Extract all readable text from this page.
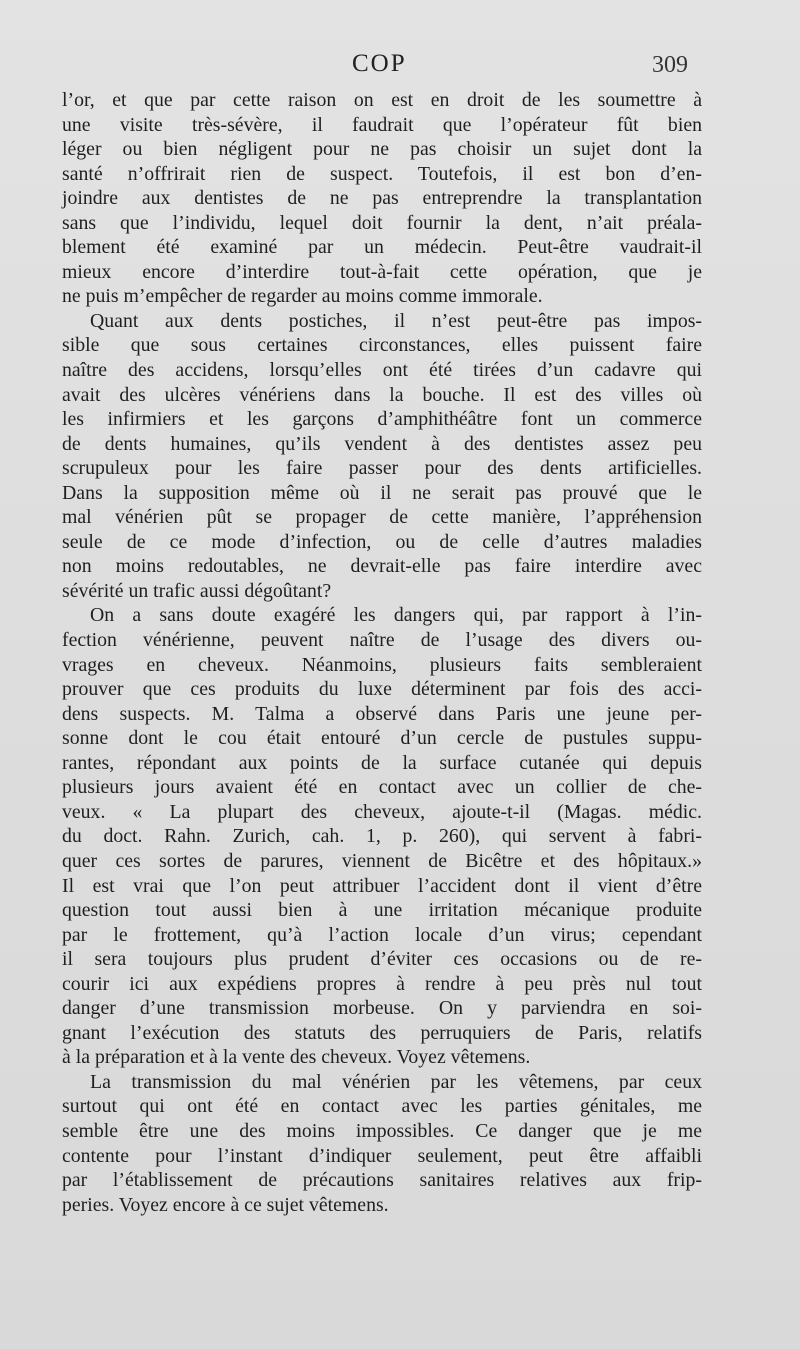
COP	309

l’or, et que par cette raison on est en droit de les soumettre à
une visite très-sévère, il faudrait que l’opérateur fût bien
léger ou bien négligent pour ne pas choisir un sujet dont la
santé n’offrirait rien de suspect. Toutefois, il est bon d’en-
joindre aux dentistes de ne pas entreprendre la transplantation
sans que l’individu, lequel doit fournir la dent, n’ait préala-
blement été examiné par un médecin. Peut-être vaudrait-il
mieux encore d’interdire tout-à-fait cette opération, que je
ne puis m’empêcher de regarder au moins comme immorale.

Quant aux dents postiches, il n’est peut-être pas impos-
sible que sous certaines circonstances, elles puissent faire
naître des accidens, lorsqu’elles ont été tirées d’un cadavre qui
avait des ulcères vénériens dans la bouche. Il est des villes où
les infirmiers et les garçons d’amphithéâtre font un commerce
de dents humaines, qu’ils vendent à des dentistes assez peu
scrupuleux pour les faire passer pour des dents artificielles.
Dans la supposition même où il ne serait pas prouvé que le
mal vénérien pût se propager de cette manière, l’appréhension
seule de ce mode d’infection, ou de celle d’autres maladies
non moins redoutables, ne devrait-elle pas faire interdire avec
sévérité un trafic aussi dégoûtant?

On a sans doute exagéré les dangers qui, par rapport à l’in-
fection vénérienne, peuvent naître de l’usage des divers ou-
vrages en cheveux. Néanmoins, plusieurs faits sembleraient
prouver que ces produits du luxe déterminent par fois des acci-
dens suspects. M. Talma a observé dans Paris une jeune per-
sonne dont le cou était entouré d’un cercle de pustules suppu-
rantes, répondant aux points de la surface cutanée qui depuis
plusieurs jours avaient été en contact avec un collier de che-
veux. « La plupart des cheveux, ajoute-t-il (Magas. médic.
du doct. Rahn. Zurich, cah. 1, p. 260), qui servent à fabri-
quer ces sortes de parures, viennent de Bicêtre et des hôpitaux.»
Il est vrai que l’on peut attribuer l’accident dont il vient d’être
question tout aussi bien à une irritation mécanique produite
par le frottement, qu’à l’action locale d’un virus; cependant
il sera toujours plus prudent d’éviter ces occasions ou de re-
courir ici aux expédiens propres à rendre à peu près nul tout
danger d’une transmission morbeuse. On y parviendra en soi-
gnant l’exécution des statuts des perruquiers de Paris, relatifs
à la préparation et à la vente des cheveux. Voyez vêtemens.

La transmission du mal vénérien par les vêtemens, par ceux
surtout qui ont été en contact avec les parties génitales, me
semble être une des moins impossibles. Ce danger que je me
contente pour l’instant d’indiquer seulement, peut être affaibli
par l’établissement de précautions sanitaires relatives aux frip-
peries. Voyez encore à ce sujet vêtemens.
